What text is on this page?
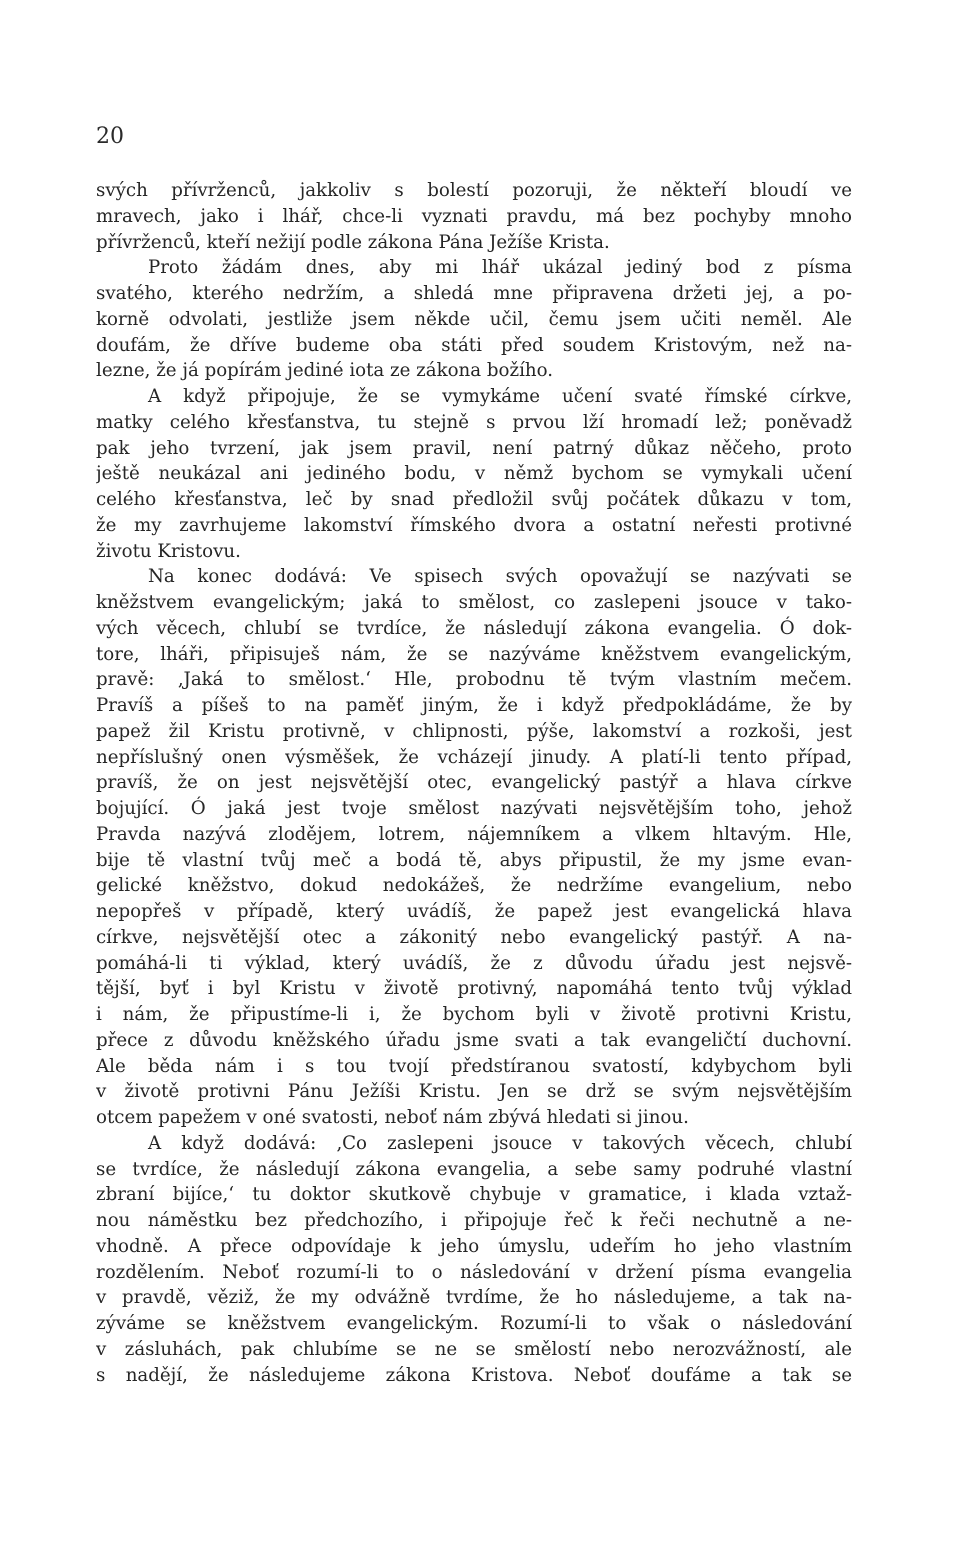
20
svých přívrženců, jakkoliv s bolestí pozoruji, že někteří bloudí ve
mravech, jako i lhář, chce-li vyznati pravdu, má bez pochyby mnoho
přívrženců, kteří nežijí podle zákona Pána Ježíše Krista.
Proto žádám dnes, aby mi lhář ukázal jediný bod z písma
svatého, kterého nedržím, a shledá mne připravena držeti jej, a po-
korně odvolati, jestliže jsem někde učil, čemu jsem učiti neměl. Ale
doufám, že dříve budeme oba státi před soudem Kristovým, než na-
lezne, že já popírám jediné iota ze zákona božího.
A když připojuje, že se vymykáme učení svaté římské církve,
matky celého křesťanstva, tu stejně s prvou lží hromadí lež; poněvadž
pak jeho tvrzení, jak jsem pravil, není patrný důkaz něčeho, proto
ještě neukázal ani jediného bodu, v němž bychom se vymykali učení
celého křesťanstva, leč by snad předložil svůj počátek důkazu v tom,
že my zavrhujeme lakomství římského dvora a ostatní neřesti protivné
životu Kristovu.
Na konec dodává: Ve spisech svých opovažují se nazývati se
kněžstvem evangelickým; jaká to smělost, co zaslepeni jsouce v tako-
vých věcech, chlubí se tvrdíce, že následují zákona evangelia. Ó dok-
tore, lháři, připisuješ nám, že se nazýváme kněžstvem evangelickým,
pravě: ‚Jaká to smělost.‘ Hle, probodnu tě tvým vlastním mečem.
Pravíš a píšeš to na paměť jiným, že i když předpokládáme, že by
papež žil Kristu protivně, v chlipnosti, pýše, lakomství a rozkoši, jest
nepříslušný onen výsměšek, že vcházejí jinudy. A platí-li tento případ,
pravíš, že on jest nejsvětější otec, evangelický pastýř a hlava církve
bojující. Ó jaká jest tvoje smělost nazývati nejsvětějším toho, jehož
Pravda nazývá zlodějem, lotrem, nájemníkem a vlkem hltavým. Hle,
bije tě vlastní tvůj meč a bodá tě, abys připustil, že my jsme evan-
gelické kněžstvo, dokud nedokážeš, že nedržíme evangelium, nebo
nepopřeš v případě, který uvádíš, že papež jest evangelická hlava
církve, nejsvětější otec a zákonitý nebo evangelický pastýř. A na-
pomáhá-li ti výklad, který uvádíš, že z důvodu úřadu jest nejsvě-
tější, byť i byl Kristu v životě protivný, napomáhá tento tvůj výklad
i nám, že připustíme-li i, že bychom byli v životě protivni Kristu,
přece z důvodu kněžského úřadu jsme svati a tak evangeličtí duchovní.
Ale běda nám i s tou tvojí předstíranou svatostí, kdybychom byli
v životě protivni Pánu Ježíši Kristu. Jen se drž se svým nejsvětějším
otcem papežem v oné svatosti, neboť nám zbývá hledati si jinou.
A když dodává: ‚Co zaslepeni jsouce v takových věcech, chlubí
se tvrdíce, že následují zákona evangelia, a sebe samy podruhé vlastní
zbraní bijíce,‘ tu doktor skutkově chybuje v gramatice, i klada vztaž-
nou náměstku bez předchozího, i připojuje řeč k řeči nechutně a ne-
vhodně. A přece odpovídaje k jeho úmyslu, udeřím ho jeho vlastním
rozdělením. Neboť rozumí-li to o následování v držení písma evangelia
v pravdě, věziž, že my odvážně tvrdíme, že ho následujeme, a tak na-
zýváme se kněžstvem evangelickým. Rozumí-li to však o následování
v zásluhách, pak chlubíme se ne se smělostí nebo nerozvážností, ale
s nadějí, že následujeme zákona Kristova. Neboť doufáme a tak se
